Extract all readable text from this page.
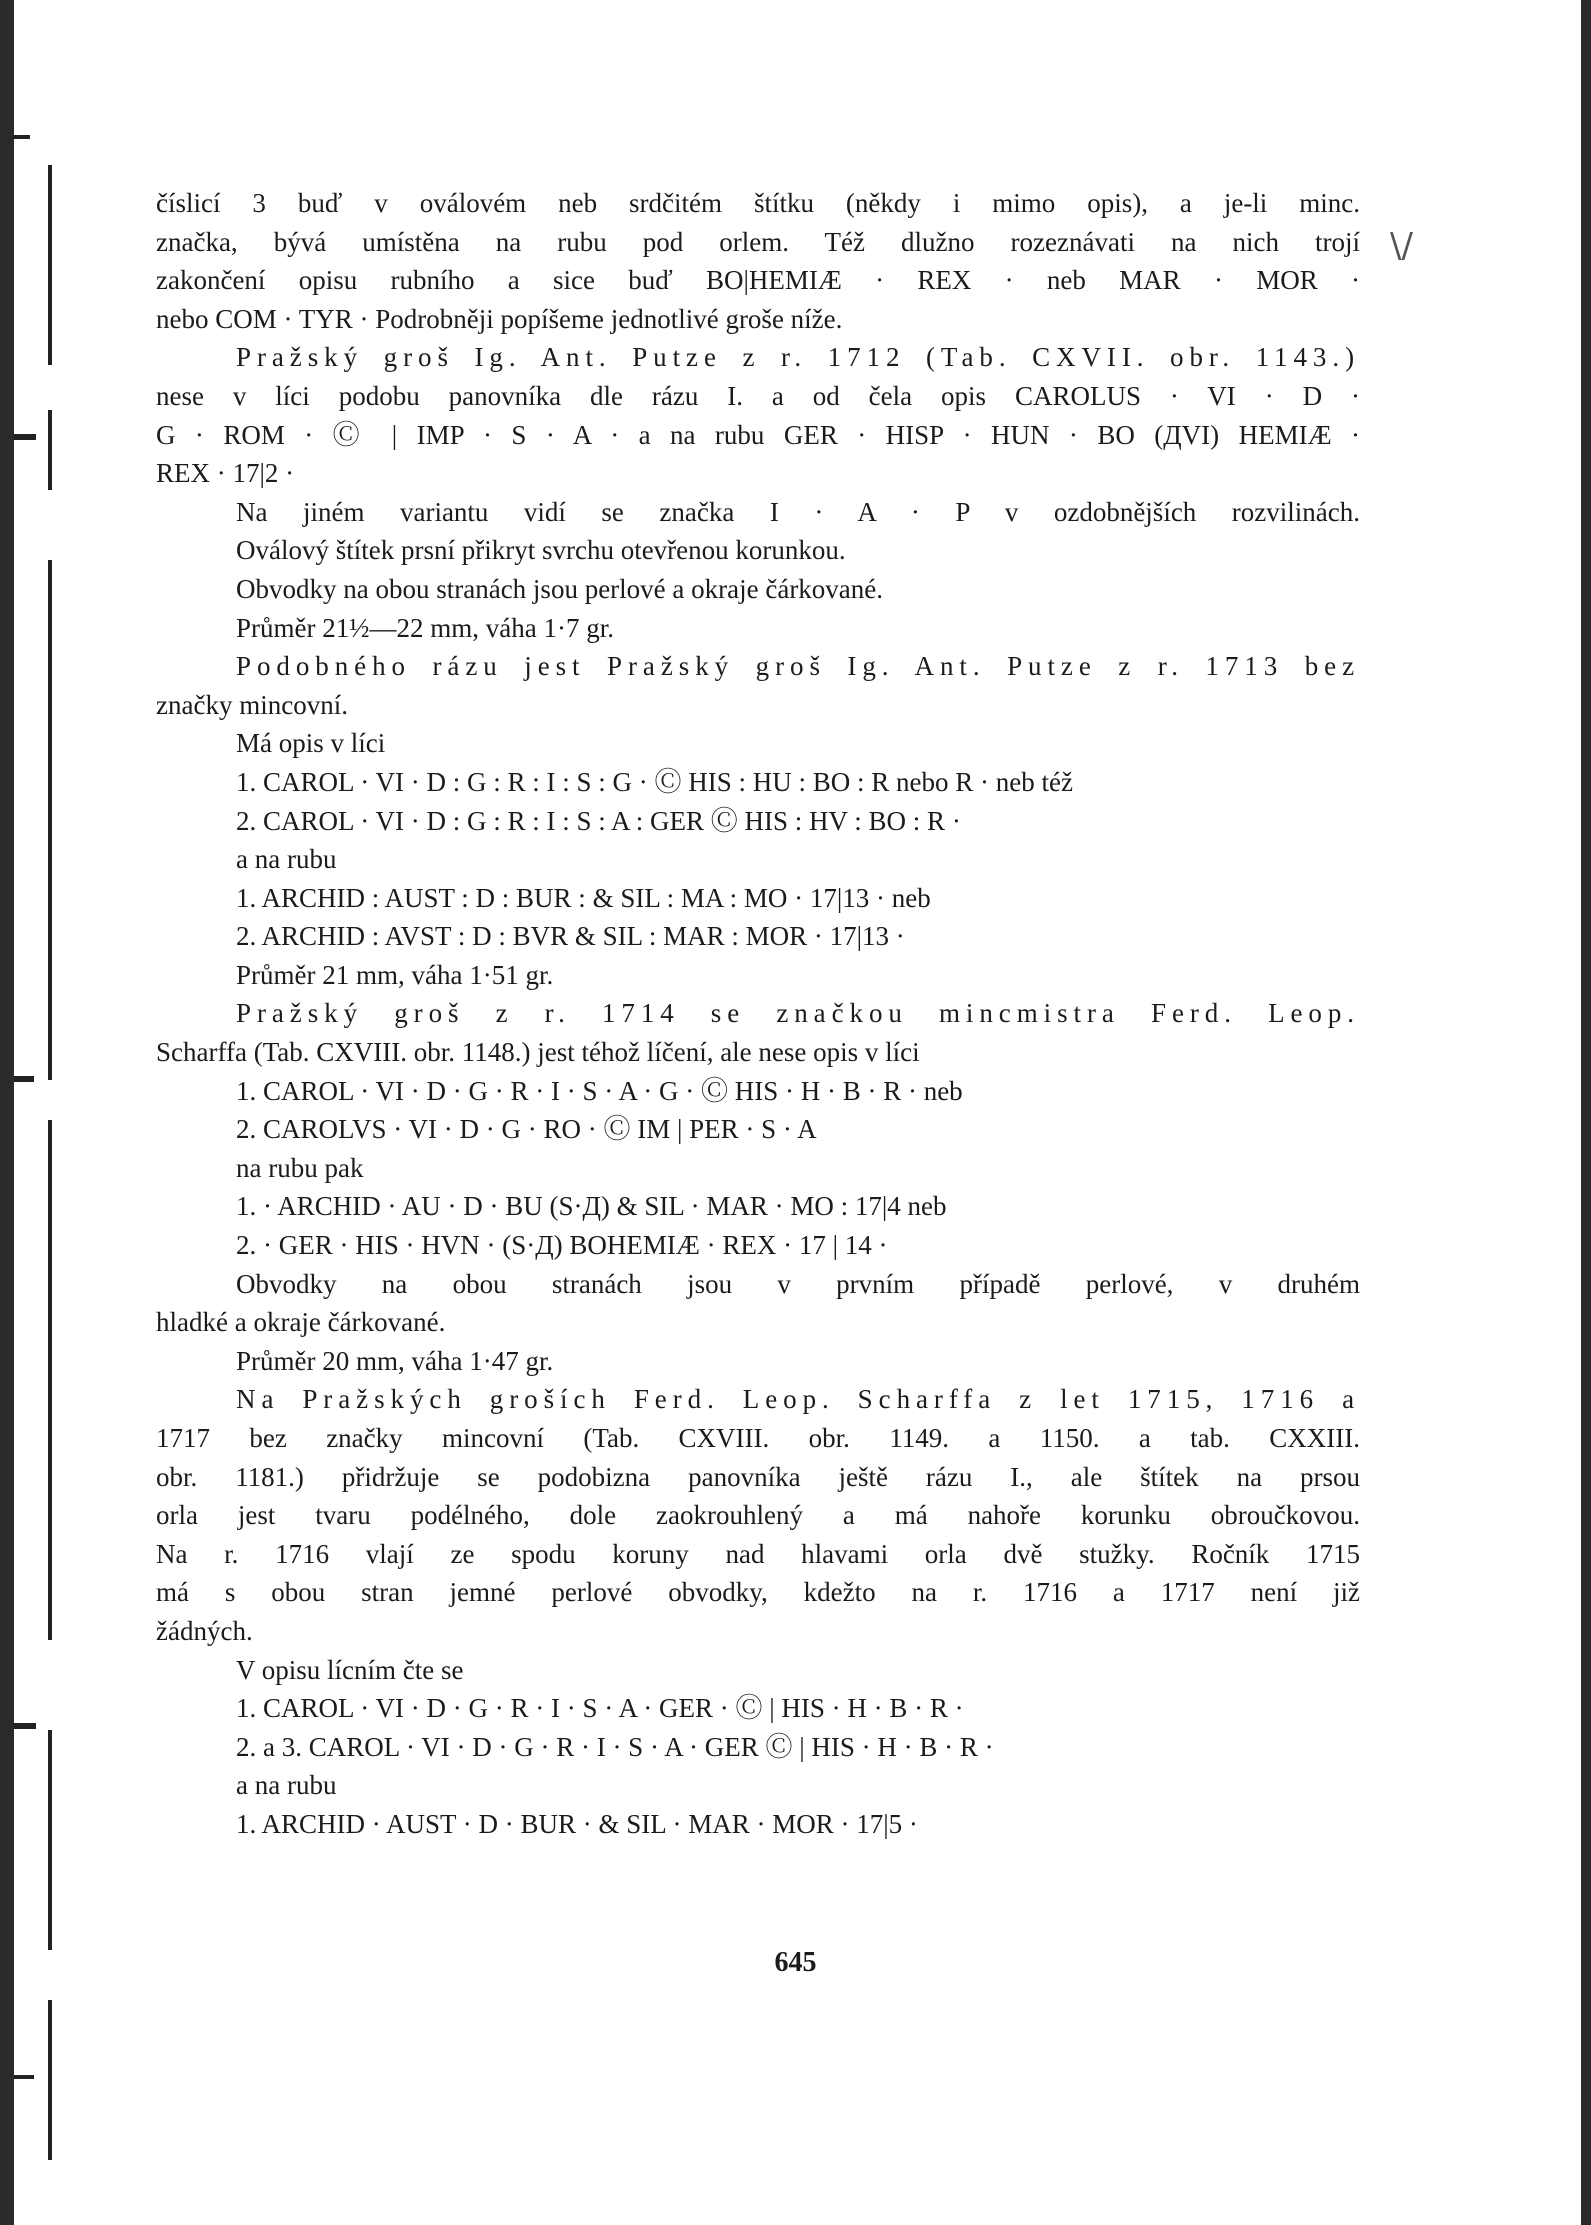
\/
číslicí 3 buď v oválovém neb srdčitém štítku (někdy i mimo opis), a je-li minc.
značka, bývá umístěna na rubu pod orlem. Též dlužno rozeznávati na nich trojí
zakončení opisu rubního a sice buď BO|HEMIÆ · REX · neb MAR · MOR ·
nebo COM · TYR · Podrobněji popíšeme jednotlivé groše níže.
Pražský groš Ig. Ant. Putze z r. 1712 (Tab. CXVII. obr. 1143.)
nese v líci podobu panovníka dle rázu I. a od čela opis CAROLUS · VI · D ·
G · ROM · Ⓒ | IMP · S · A · a na rubu GER · HISP · HUN · BO (ДVI) HEMIÆ ·
REX · 17|2 ·
Na jiném variantu vidí se značka I · A · P v ozdobnějších rozvilinách.
Oválový štítek prsní přikryt svrchu otevřenou korunkou.
Obvodky na obou stranách jsou perlové a okraje čárkované.
Průměr 21½—22 mm, váha 1·7 gr.
Podobného rázu jest Pražský groš Ig. Ant. Putze z r. 1713 bez
značky mincovní.
Má opis v líci
1. CAROL · VI · D : G : R : I : S : G · Ⓒ HIS : HU : BO : R nebo R · neb též
2. CAROL · VI · D : G : R : I : S : A : GER Ⓒ HIS : HV : BO : R ·
a na rubu
1. ARCHID : AUST : D : BUR : & SIL : MA : MO · 17|13 · neb
2. ARCHID : AVST : D : BVR & SIL : MAR : MOR · 17|13 ·
Průměr 21 mm, váha 1·51 gr.
Pražský groš z r. 1714 se značkou mincmistra Ferd. Leop.
Scharffa (Tab. CXVIII. obr. 1148.) jest téhož líčení, ale nese opis v líci
1. CAROL · VI · D · G · R · I · S · A · G · Ⓒ HIS · H · B · R · neb
2. CAROLVS · VI · D · G · RO · Ⓒ IM | PER · S · A
na rubu pak
1. · ARCHID · AU · D · BU (S·Д) & SIL · MAR · MO : 17|4 neb
2. · GER · HIS · HVN · (S·Д) BOHEMIÆ · REX · 17 | 14 ·
Obvodky na obou stranách jsou v prvním případě perlové, v druhém
hladké a okraje čárkované.
Průměr 20 mm, váha 1·47 gr.
Na Pražských groších Ferd. Leop. Scharffa z let 1715, 1716 a
1717 bez značky mincovní (Tab. CXVIII. obr. 1149. a 1150. a tab. CXXIII.
obr. 1181.) přidržuje se podobizna panovníka ještě rázu I., ale štítek na prsou
orla jest tvaru podélného, dole zaokrouhlený a má nahoře korunku obroučkovou.
Na r. 1716 vlají ze spodu koruny nad hlavami orla dvě stužky. Ročník 1715
má s obou stran jemné perlové obvodky, kdežto na r. 1716 a 1717 není již
žádných.
V opisu lícním čte se
1. CAROL · VI · D · G · R · I · S · A · GER · Ⓒ | HIS · H · B · R ·
2. a 3. CAROL · VI · D · G · R · I · S · A · GER Ⓒ | HIS · H · B · R ·
a na rubu
1. ARCHID · AUST · D · BUR · & SIL · MAR · MOR · 17|5 ·
645
